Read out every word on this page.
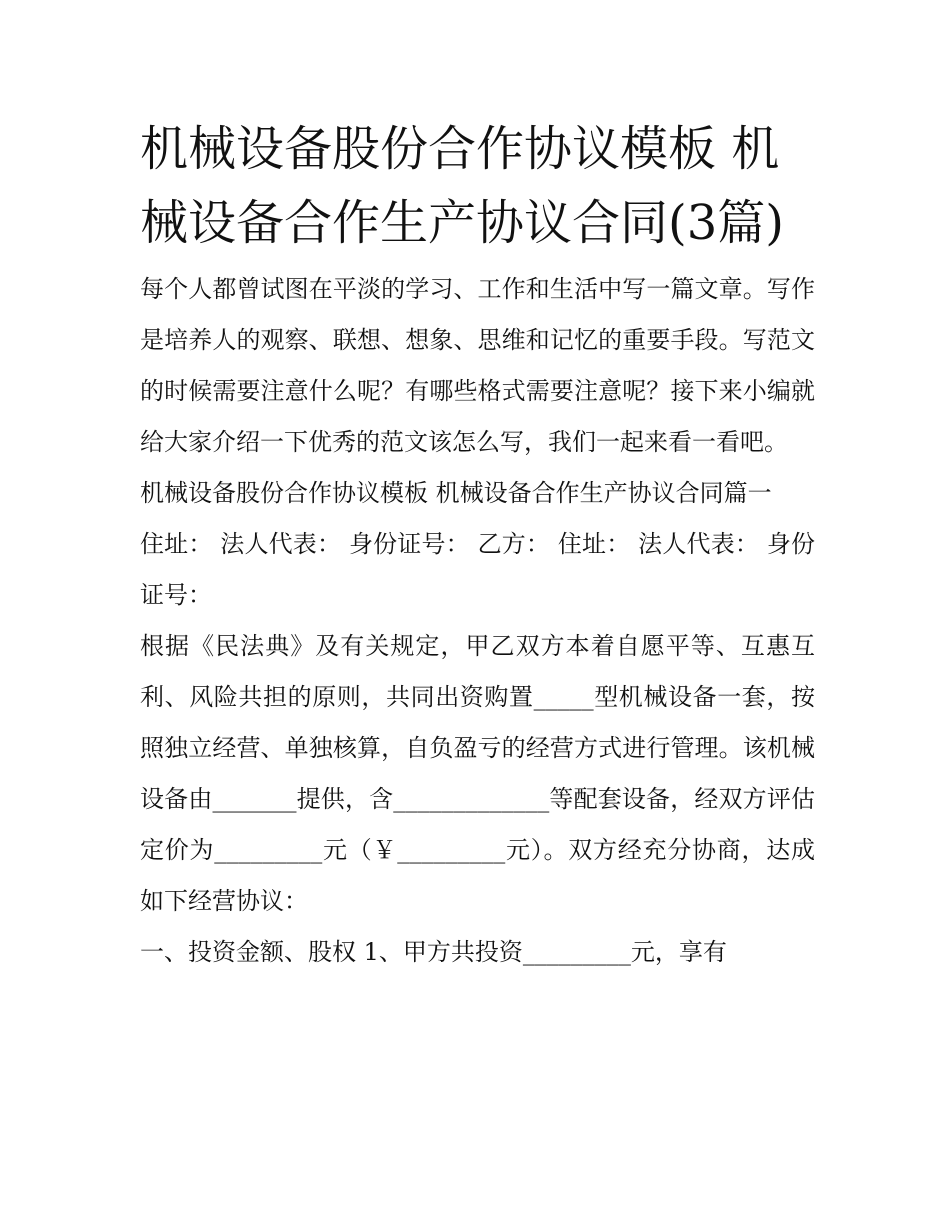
机械设备股份合作协议模板 机械设备合作生产协议合同(3篇)

每个人都曾试图在平淡的学习、工作和生活中写一篇文章。写作是培养人的观察、联想、想象、思维和记忆的重要手段。写范文的时候需要注意什么呢？有哪些格式需要注意呢？接下来小编就给大家介绍一下优秀的范文该怎么写，我们一起来看一看吧。

机械设备股份合作协议模板 机械设备合作生产协议合同篇一

住址： 法人代表： 身份证号： 乙方： 住址： 法人代表： 身份证号：

根据《民法典》及有关规定，甲乙双方本着自愿平等、互惠互利、风险共担的原则，共同出资购置_____型机械设备一套，按照独立经营、单独核算，自负盈亏的经营方式进行管理。该机械设备由_______提供，含_____________等配套设备，经双方评估定价为_________元（￥_________元）。双方经充分协商，达成如下经营协议：

一、投资金额、股权 1、甲方共投资_________元，享有
